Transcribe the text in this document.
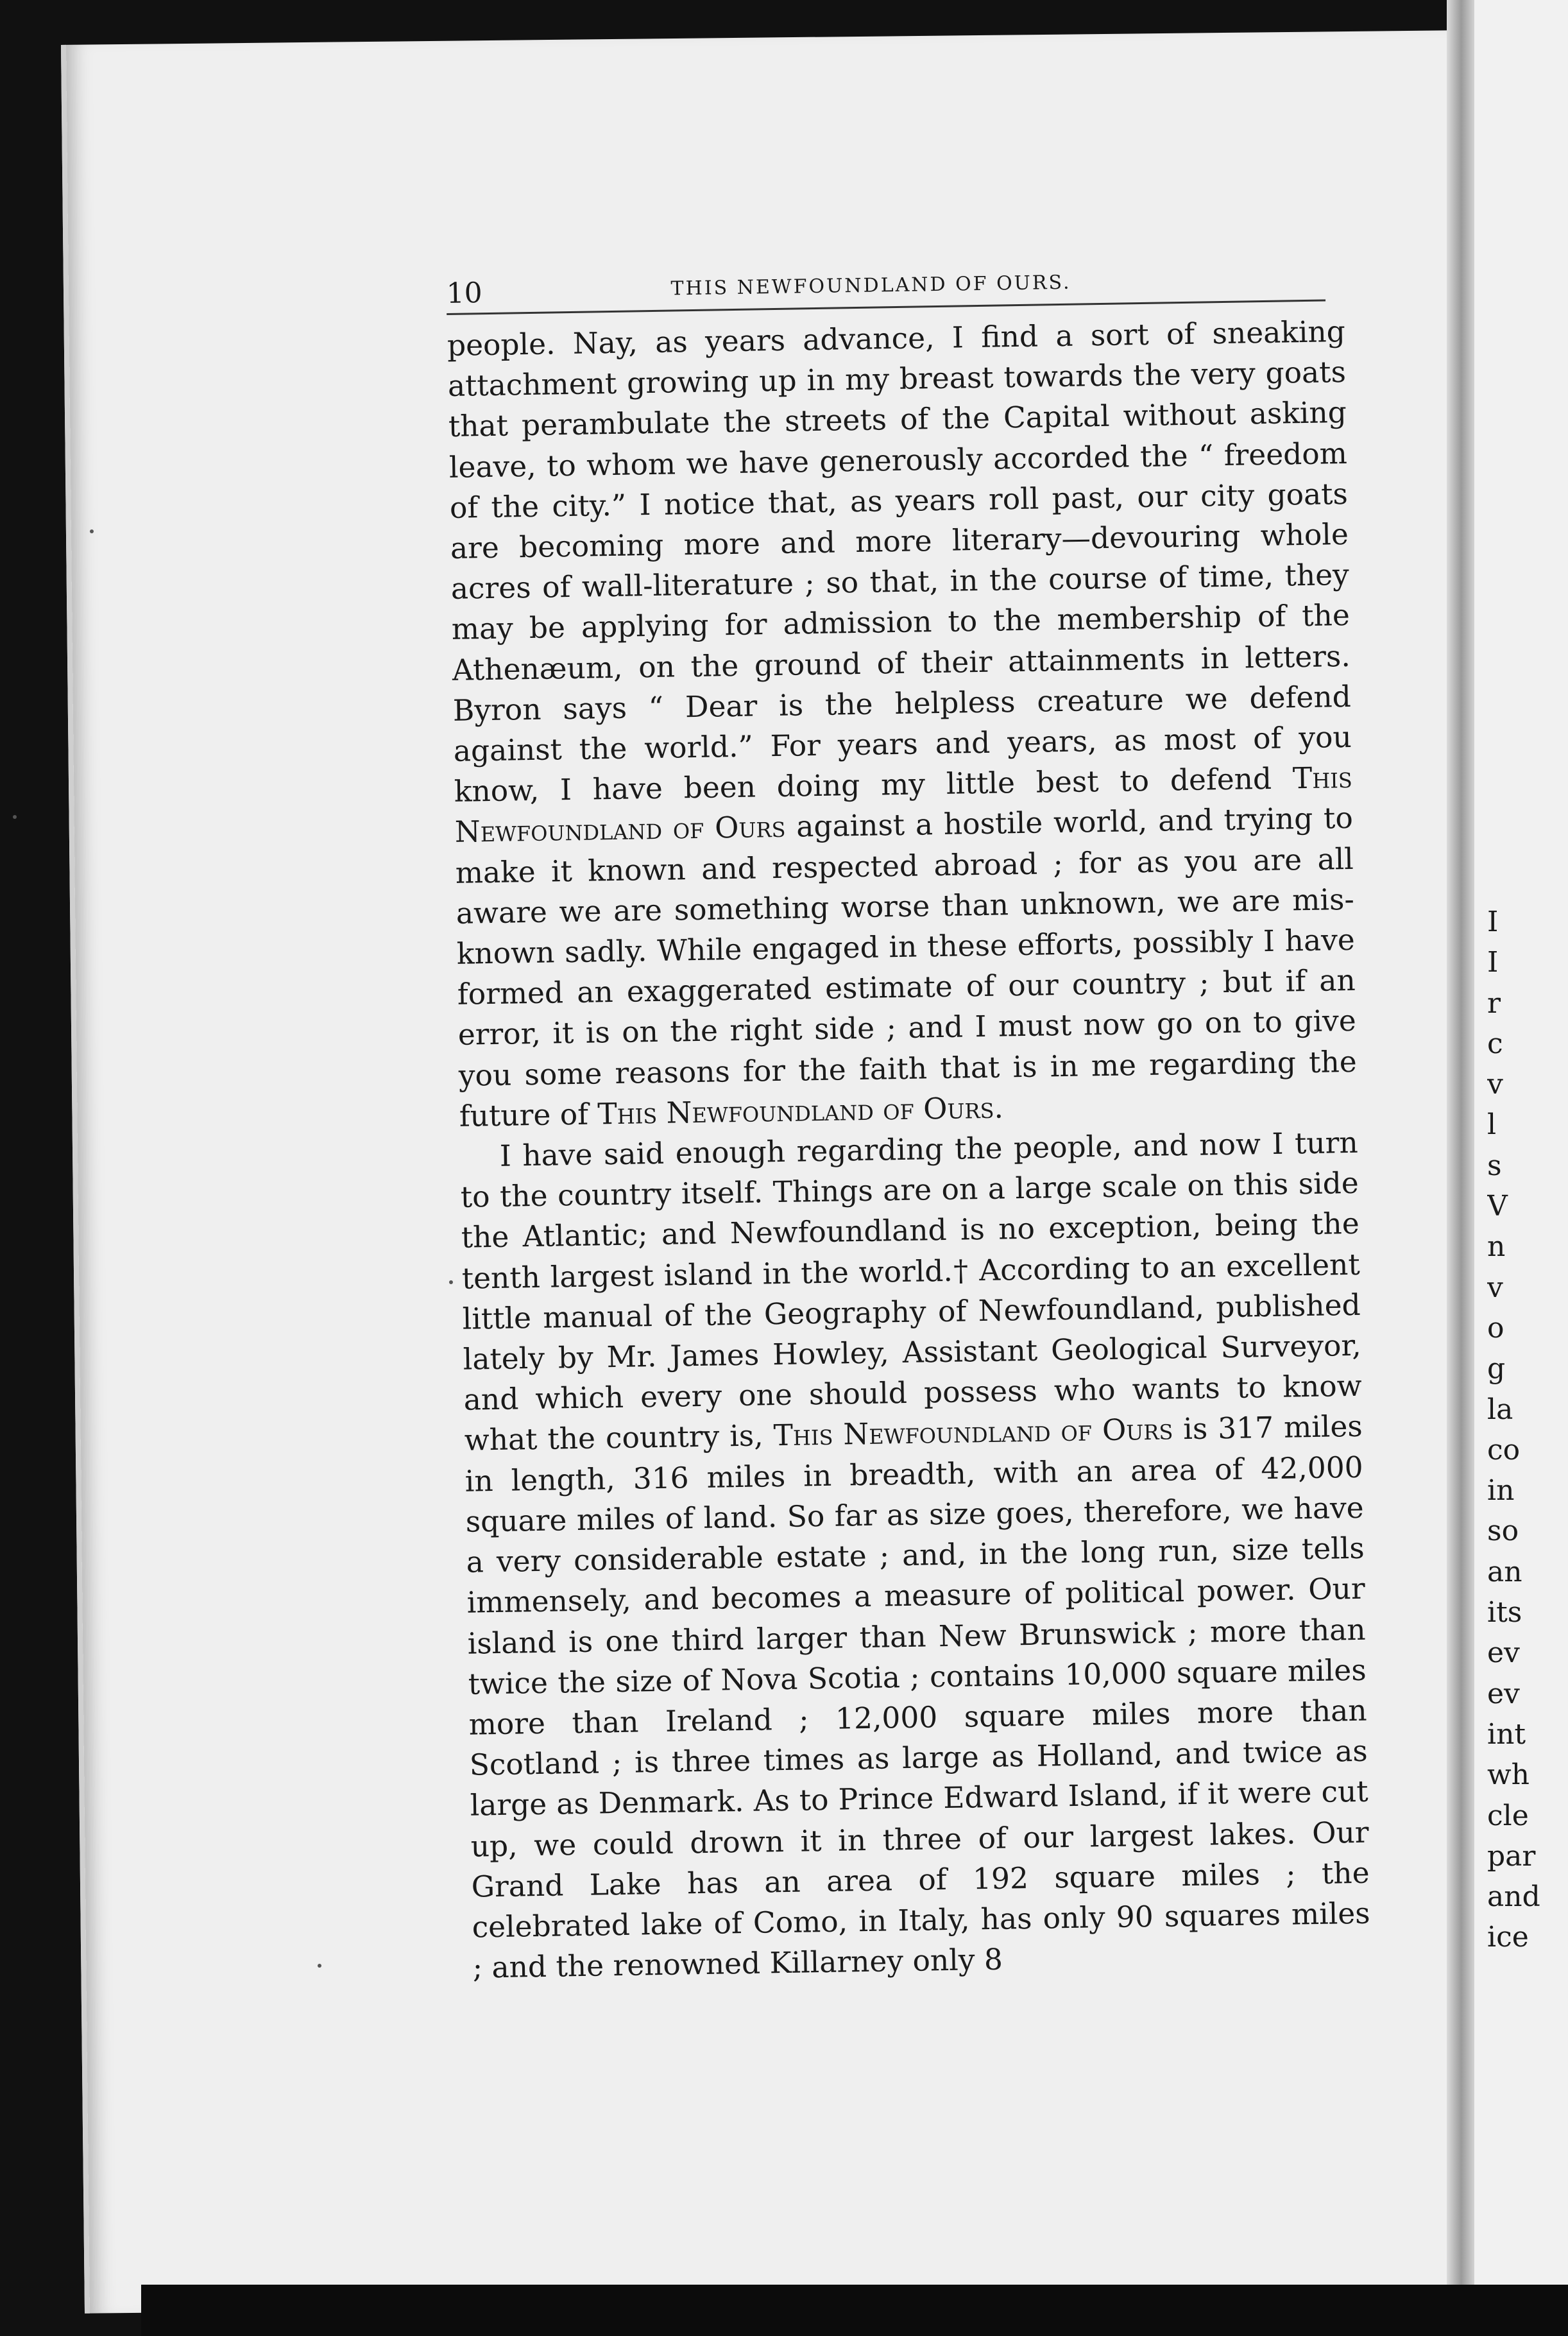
I
I
r
c
v
l
s
V
n
v
o
g
la
co
in
so
an
its
ev
ev
int
wh
cle
par
and
ice
10	THIS NEWFOUNDLAND OF OURS.

people. Nay, as years advance, I find a sort of sneaking attachment growing up in my breast towards the very goats that perambulate the streets of the Capital without asking leave, to whom we have generously accorded the “ freedom of the city.” I notice that, as years roll past, our city goats are becoming more and more literary—devouring whole acres of wall-literature ; so that, in the course of time, they may be applying for admission to the membership of the Athenæum, on the ground of their attainments in letters. Byron says “ Dear is the helpless creature we defend against the world.” For years and years, as most of you know, I have been doing my little best to defend This Newfoundland of Ours against a hostile world, and trying to make it known and respected abroad ; for as you are all aware we are something worse than unknown, we are mis-known sadly. While engaged in these efforts, possibly I have formed an exaggerated estimate of our country ; but if an error, it is on the right side ; and I must now go on to give you some reasons for the faith that is in me regarding the future of This Newfoundland of Ours.

I have said enough regarding the people, and now I turn to the country itself. Things are on a large scale on this side the Atlantic; and Newfoundland is no exception, being the tenth largest island in the world.† According to an excellent little manual of the Geography of Newfoundland, published lately by Mr. James Howley, Assistant Geological Surveyor, and which every one should possess who wants to know what the country is, This Newfoundland of Ours is 317 miles in length, 316 miles in breadth, with an area of 42,000 square miles of land. So far as size goes, therefore, we have a very considerable estate ; and, in the long run, size tells immensely, and becomes a measure of political power. Our island is one third larger than New Brunswick ; more than twice the size of Nova Scotia ; contains 10,000 square miles more than Ireland ; 12,000 square miles more than Scotland ; is three times as large as Holland, and twice as large as Denmark. As to Prince Edward Island, if it were cut up, we could drown it in three of our largest lakes. Our Grand Lake has an area of 192 square miles ; the celebrated lake of Como, in Italy, has only 90 squares miles ; and the renowned Killarney only 8
